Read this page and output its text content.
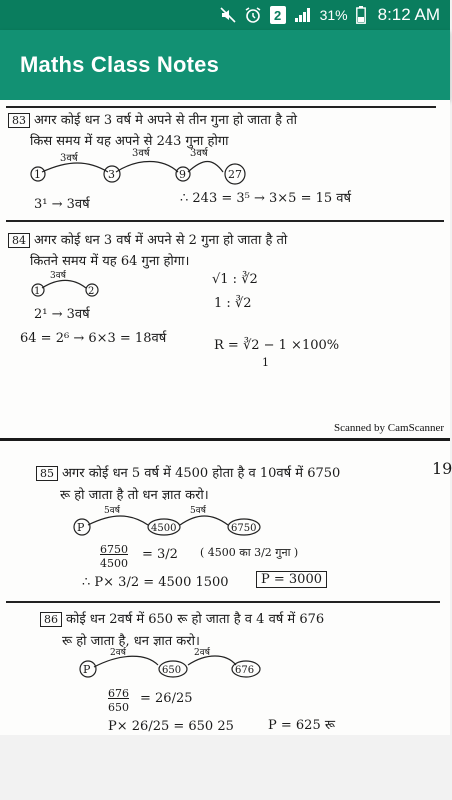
2	31% 8:12 AM
Maths Class Notes
83 अगर कोई धन 3 वर्ष मे अपने से तीन गुना हो जाता है तो
किस समय में यह अपने से 243 गुना होगा
1	3	9	27
3वर्ष	3वर्ष	3वर्ष
3¹ → 3वर्ष	∴ 243 = 3⁵ → 3×5 = 15 वर्ष
84 अगर कोई धन 3 वर्ष में अपने से 2 गुना हो जाता है तो
कितने समय में यह 64 गुना होगा।
1	2
3वर्ष
2¹ → 3वर्ष
64 = 2⁶ → 6×3 = 18वर्ष
√1 : ∛2
1 : ∛2
R = ∛2 − 1 ×100%
1
Scanned by CamScanner
85 अगर कोई धन 5 वर्ष में 4500 होता है व 10वर्ष में 6750	19
रू हो जाता है तो धन ज्ञात करो।
P	4500	6750
5वर्ष	5वर्ष
6750
4500
= 3/2 ( 4500 का 3/2 गुना )
∴ P× 3/2 = 4500 1500	P = 3000
86 कोई धन 2वर्ष में 650 रू हो जाता है व 4 वर्ष में 676
रू हो जाता है, धन ज्ञात करो।
P	650	676
2वर्ष	2वर्ष
676
650
= 26/25
P× 26/25 = 650 25	P = 625 रू
